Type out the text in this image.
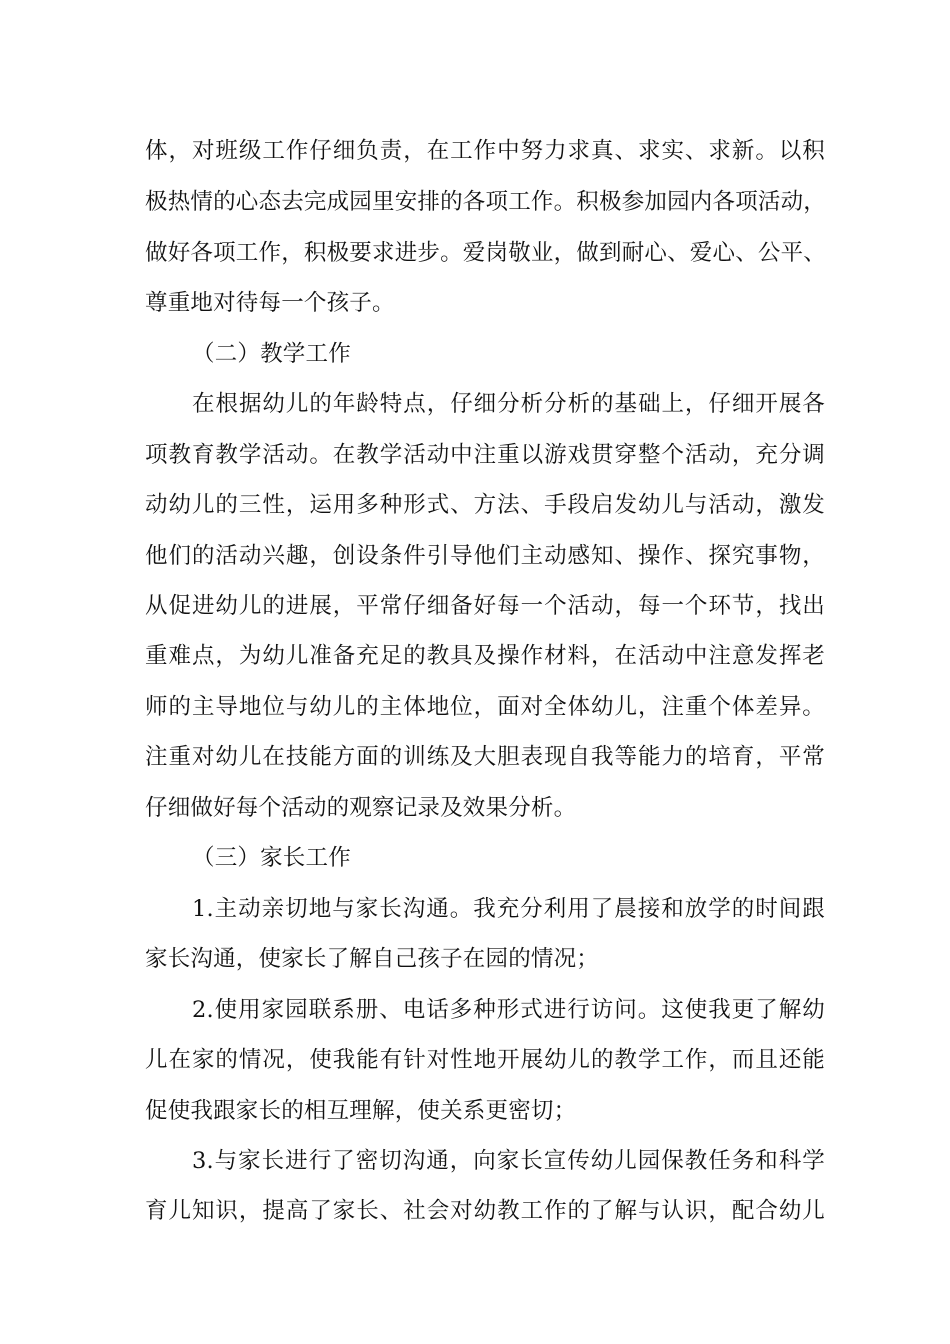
体，对班级工作仔细负责，在工作中努力求真、求实、求新。以积
极热情的心态去完成园里安排的各项工作。积极参加园内各项活动，
做好各项工作，积极要求进步。爱岗敬业，做到耐心、爱心、公平、
尊重地对待每一个孩子。
（二）教学工作
在根据幼儿的年龄特点，仔细分析分析的基础上，仔细开展各
项教育教学活动。在教学活动中注重以游戏贯穿整个活动，充分调
动幼儿的三性，运用多种形式、方法、手段启发幼儿与活动，激发
他们的活动兴趣，创设条件引导他们主动感知、操作、探究事物，
从促进幼儿的进展，平常仔细备好每一个活动，每一个环节，找出
重难点，为幼儿准备充足的教具及操作材料，在活动中注意发挥老
师的主导地位与幼儿的主体地位，面对全体幼儿，注重个体差异。
注重对幼儿在技能方面的训练及大胆表现自我等能力的培育，平常
仔细做好每个活动的观察记录及效果分析。
（三）家长工作
1.主动亲切地与家长沟通。我充分利用了晨接和放学的时间跟
家长沟通，使家长了解自己孩子在园的情况；
2.使用家园联系册、电话多种形式进行访问。这使我更了解幼
儿在家的情况，使我能有针对性地开展幼儿的教学工作，而且还能
促使我跟家长的相互理解，使关系更密切；
3.与家长进行了密切沟通，向家长宣传幼儿园保教任务和科学
育儿知识，提高了家长、社会对幼教工作的了解与认识，配合幼儿
